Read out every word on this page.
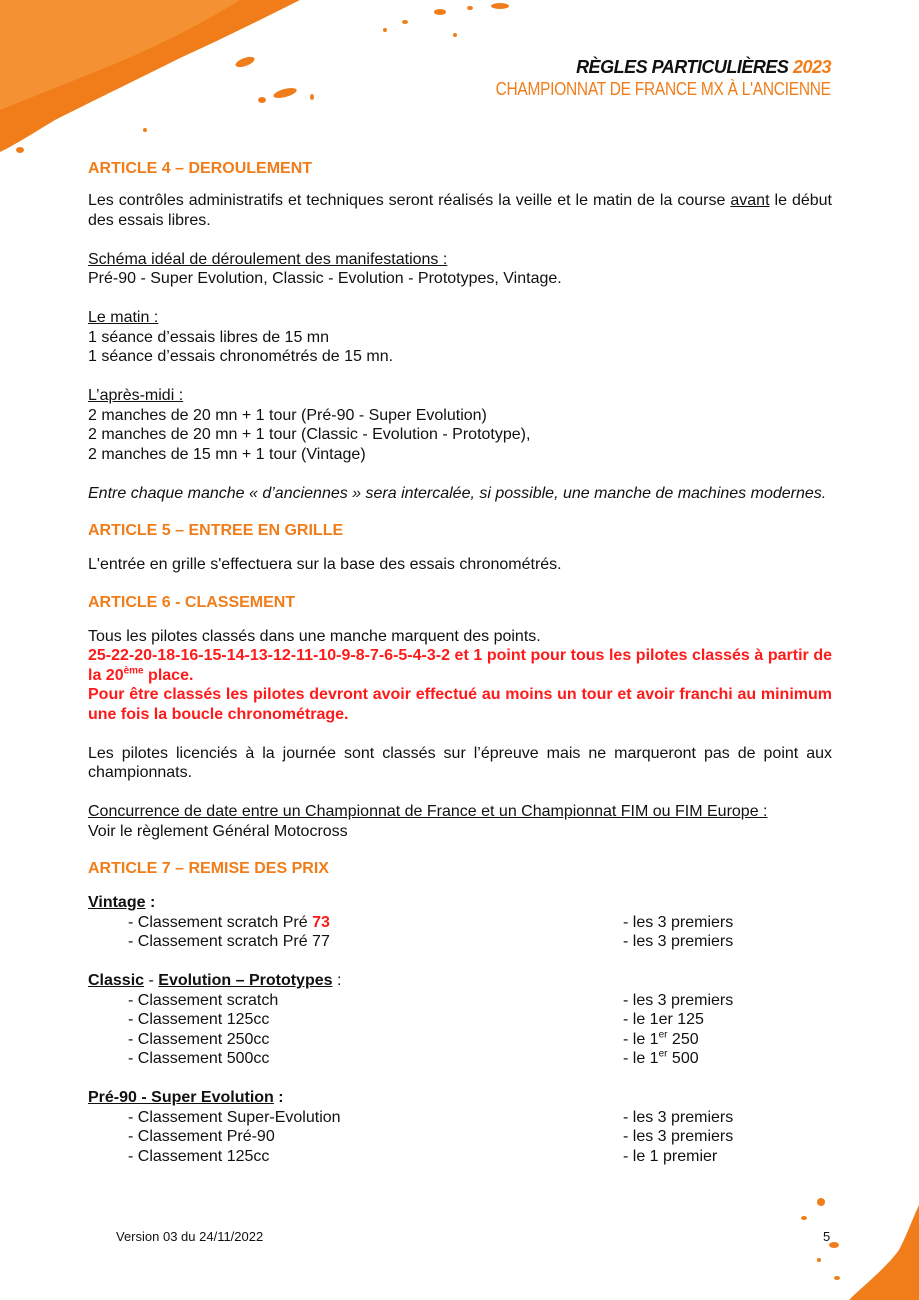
RÈGLES PARTICULIÈRES 2023
CHAMPIONNAT DE FRANCE MX À L'ANCIENNE
ARTICLE 4 – DEROULEMENT

Les contrôles administratifs et techniques seront réalisés la veille et le matin de la course avant le début des essais libres.

Schéma idéal de déroulement des manifestations :

Pré-90 - Super Evolution, Classic - Evolution - Prototypes, Vintage.

Le matin :

1 séance d’essais libres de 15 mn

1 séance d’essais chronométrés de 15 mn.

L’après-midi :

2 manches de 20 mn + 1 tour (Pré-90 - Super Evolution)

2 manches de 20 mn + 1 tour (Classic - Evolution - Prototype),

2 manches de 15 mn + 1 tour (Vintage)

Entre chaque manche « d’anciennes » sera intercalée, si possible, une manche de machines modernes.

ARTICLE 5 – ENTREE EN GRILLE

L'entrée en grille s'effectuera sur la base des essais chronométrés.

ARTICLE 6 - CLASSEMENT

Tous les pilotes classés dans une manche marquent des points.

25-22-20-18-16-15-14-13-12-11-10-9-8-7-6-5-4-3-2 et 1 point pour tous les pilotes classés à partir de la 20ème place.

Pour être classés les pilotes devront avoir effectué au moins un tour et avoir franchi au minimum une fois la boucle chronométrage.

Les pilotes licenciés à la journée sont classés sur l’épreuve mais ne marqueront pas de point aux championnats.

Concurrence de date entre un Championnat de France et un Championnat FIM ou FIM Europe :

Voir le règlement Général Motocross

ARTICLE 7 – REMISE DES PRIX

Vintage :

- Classement scratch Pré 73	- les 3 premiers
- Classement scratch Pré 77	- les 3 premiers

Classic - Evolution – Prototypes :

- Classement scratch	- les 3 premiers
- Classement 125cc	- le 1er 125
- Classement 250cc	- le 1er 250
- Classement 500cc	- le 1er 500

Pré-90 - Super Evolution :

- Classement Super-Evolution	- les 3 premiers
- Classement Pré-90	- les 3 premiers
- Classement 125cc	- le 1 premier
Version 03 du 24/11/2022	5
